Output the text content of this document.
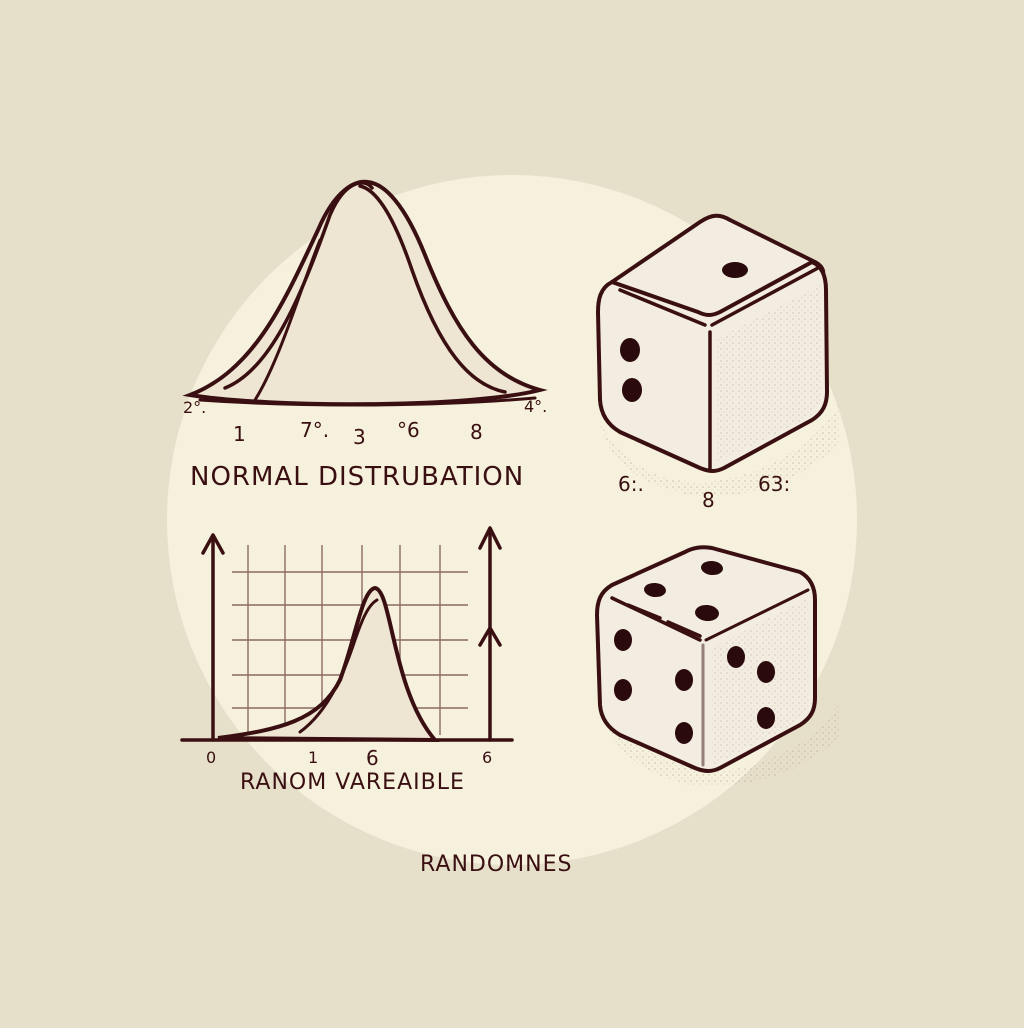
NORMAL DISTRUBATION
2°.
1	7°. 3 °6	8
4°.
0	1 6	6
RANOM VAREAIBLE
6:.
8
63:
RANDOMNES
